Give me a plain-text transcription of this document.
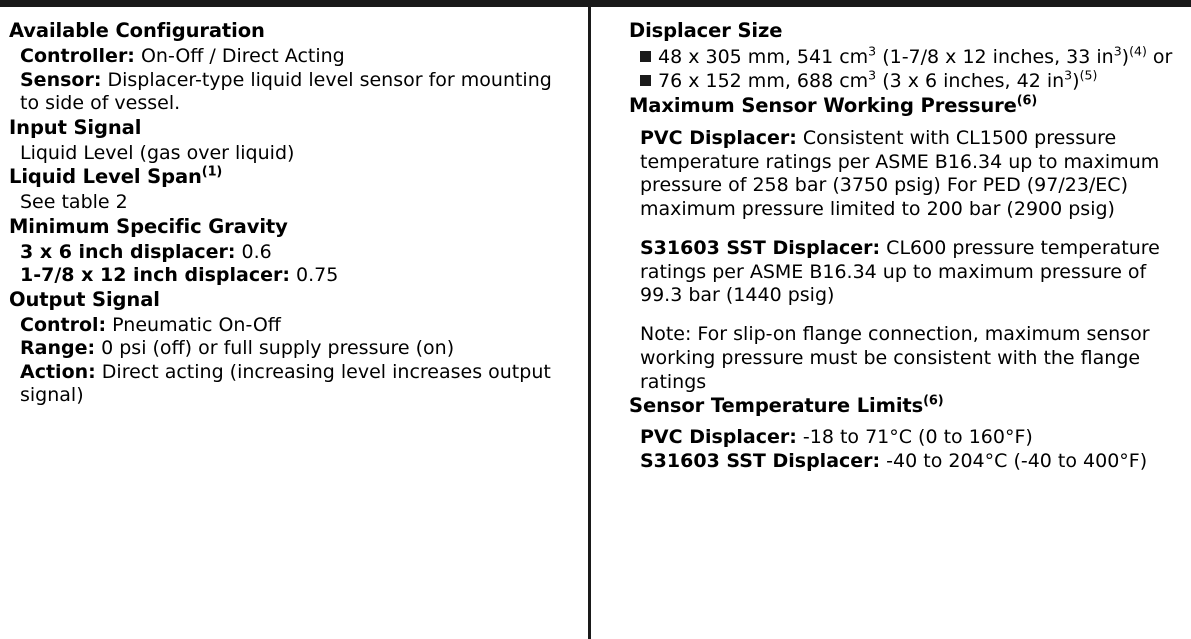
Available Configuration
Controller: On-Off / Direct Acting
Sensor: Displacer-type liquid level sensor for mounting to side of vessel.
Input Signal
Liquid Level (gas over liquid)
Liquid Level Span$^{(1)}$
See table 2
Minimum Specific Gravity
3 x 6 inch displacer: 0.6
1-7/8 x 12 inch displacer: 0.75
Output Signal
Control: Pneumatic On-Off
Range: 0 psi (off) or full supply pressure (on)
Action: Direct acting (increasing level increases output signal)
Displacer Size
48 x 305 mm, 541 $cm^3$ (1-7/8 x 12 inches, 33 $in^3)^{(4)}$ or 76 x 152 mm, 688 $cm^3$ (3 x 6 inches, 42 $in^3)^{(5)}$
Maximum Sensor Working Pressure$^{(6)}$
PVC Displacer: Consistent with CL1500 pressure temperature ratings per ASME B16.34 up to maximum pressure of 258 bar (3750 psig) For PED (97/23/EC) maximum pressure limited to 200 bar (2900 psig)
S31603 SST Displacer: CL600 pressure temperature ratings per ASME B16.34 up to maximum pressure of 99.3 bar (1440 psig)
Note: For slip-on flange connection, maximum sensor working pressure must be consistent with the flange ratings
Sensor Temperature Limits$^{(6)}$
PVC Displacer: -18 to 71°C (0 to 160°F)
S31603 SST Displacer: -40 to 204°C (-40 to 400°F)
